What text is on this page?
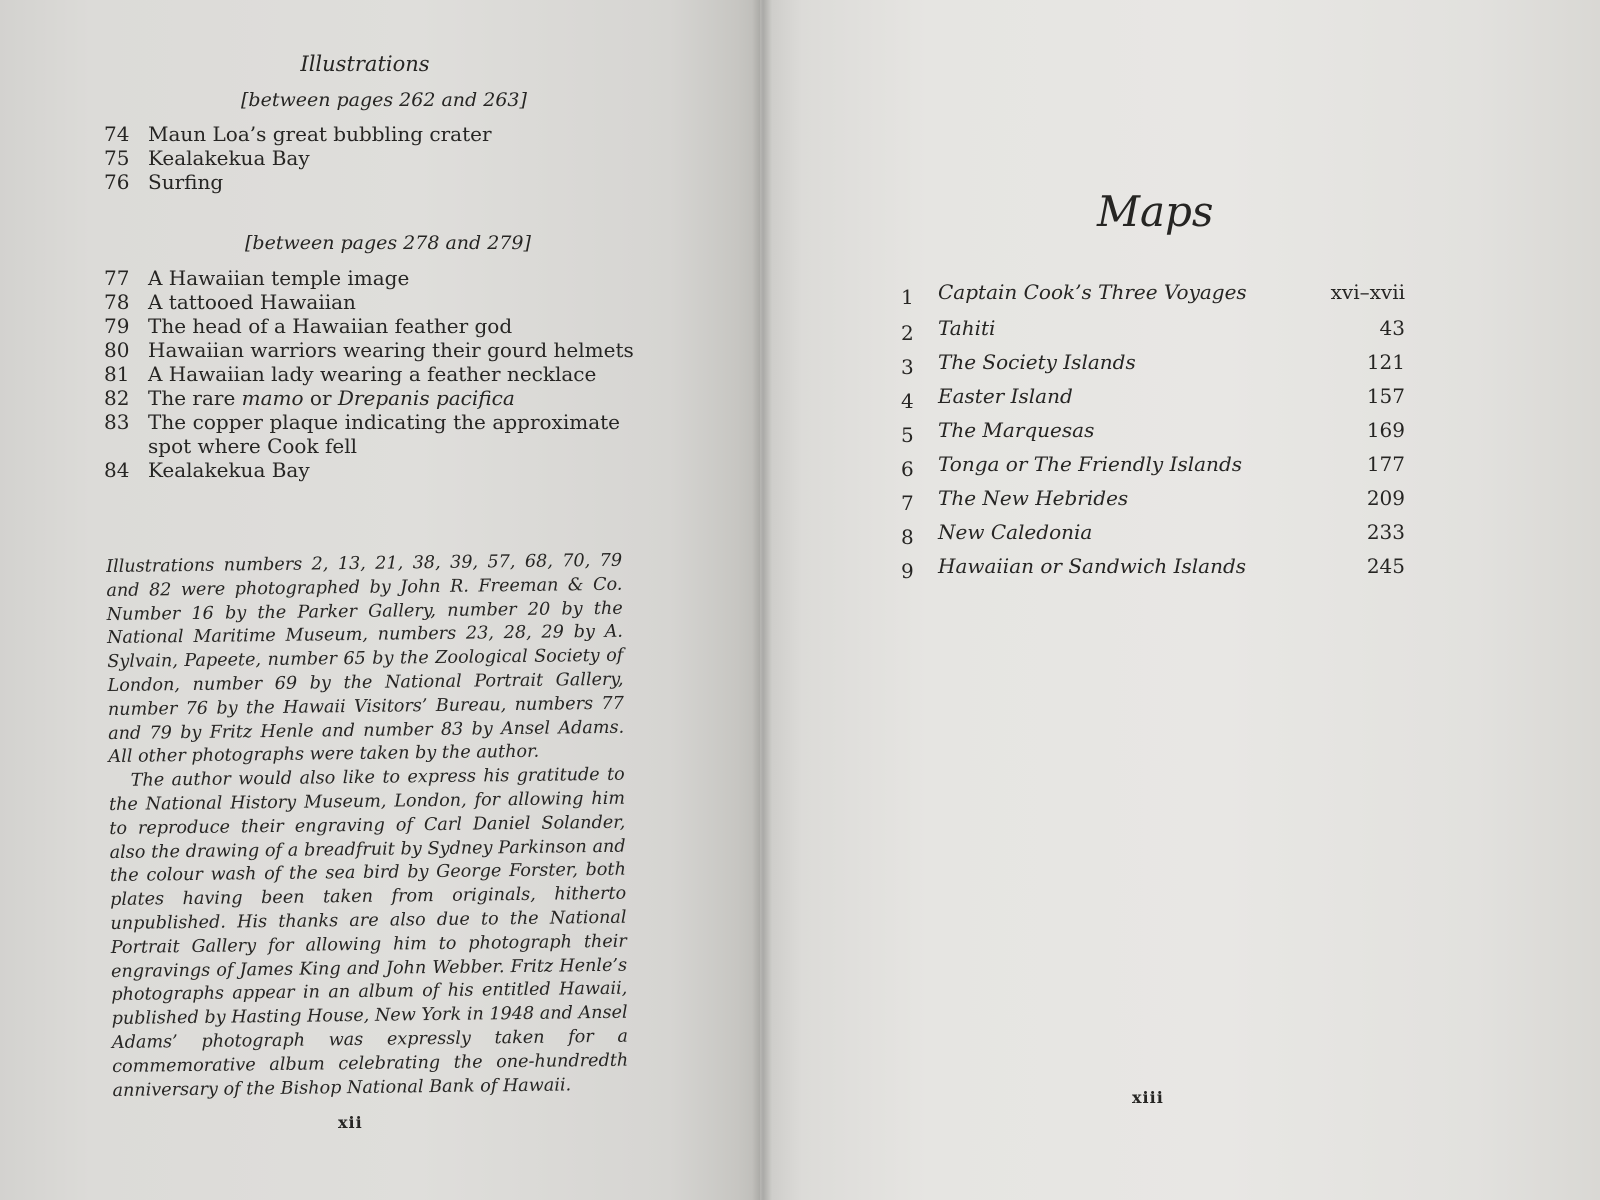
Illustrations
[between pages 262 and 263]
74 Maun Loa’s great bubbling crater
75 Kealakekua Bay
76 Surfing
[between pages 278 and 279]
77 A Hawaiian temple image
78 A tattooed Hawaiian
79 The head of a Hawaiian feather god
80 Hawaiian warriors wearing their gourd helmets
81 A Hawaiian lady wearing a feather necklace
82 The rare mamo or Drepanis pacifica
83 The copper plaque indicating the approximate spot where Cook fell
84 Kealakekua Bay

Illustrations numbers 2, 13, 21, 38, 39, 57, 68, 70, 79 and 82 were photographed by John R. Freeman & Co. Number 16 by the Parker Gallery, number 20 by the National Maritime Museum, numbers 23, 28, 29 by A. Sylvain, Papeete, number 65 by the Zoological Society of London, number 69 by the National Portrait Gallery, number 76 by the Hawaii Visitors’ Bureau, numbers 77 and 79 by Fritz Henle and number 83 by Ansel Adams. All other photographs were taken by the author.

The author would also like to express his gratitude to the National History Museum, London, for allowing him to reproduce their engraving of Carl Daniel Solander, also the drawing of a breadfruit by Sydney Parkinson and the colour wash of the sea bird by George Forster, both plates having been taken from originals, hitherto unpublished. His thanks are also due to the National Portrait Gallery for allowing him to photograph their engravings of James King and John Webber. Fritz Henle’s photographs appear in an album of his entitled Hawaii, published by Hasting House, New York in 1948 and Ansel Adams’ photograph was expressly taken for a commemorative album celebrating the one-hundredth anniversary of the Bishop National Bank of Hawaii.

xii
xiii
Maps
1	Captain Cook’s Three Voyages	xvi–xvii
2	Tahiti	43
3	The Society Islands	121
4	Easter Island	157
5	The Marquesas	169
6	Tonga or The Friendly Islands	177
7	The New Hebrides	209
8	New Caledonia	233
9	Hawaiian or Sandwich Islands	245
